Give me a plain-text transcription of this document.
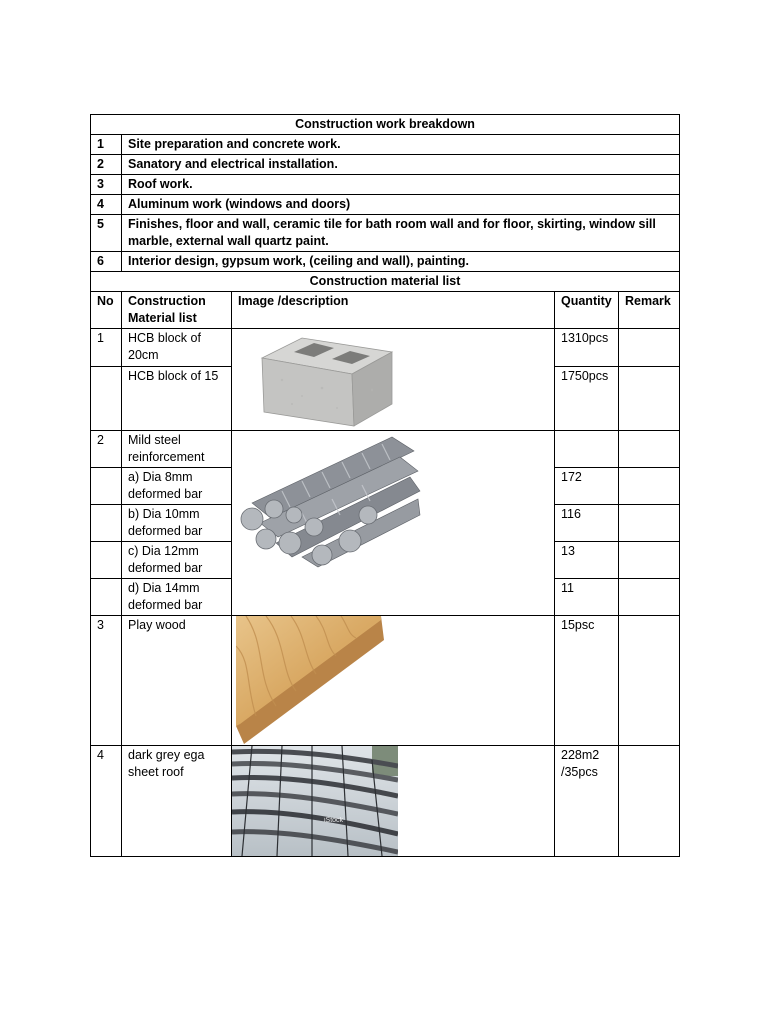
Construction work breakdown	
1	Site preparation and concrete work.
2	Sanatory and electrical installation.
3	Roof work.
4	Aluminum work (windows and doors)
5	Finishes, floor and wall, ceramic tile for bath room wall and for floor, skirting, window sill marble, external wall quartz paint.
6	Interior design, gypsum work, (ceiling and wall), painting.
Construction material list				
No	Construction Material list	Image /description	Quantity	Remark
1	HCB block of 20cm		1310pcs	
	HCB block of 15		1750pcs	
2	Mild steel reinforcement	

	a) Dia 8mm deformed bar		172	
	b) Dia 10mm deformed bar		116	
	c) Dia 12mm deformed bar		13	
	d) Dia 14mm deformed bar		11	
3	Play wood		15psc	
4	dark grey ega sheet roof	iStock	228m2 /35pcs	
